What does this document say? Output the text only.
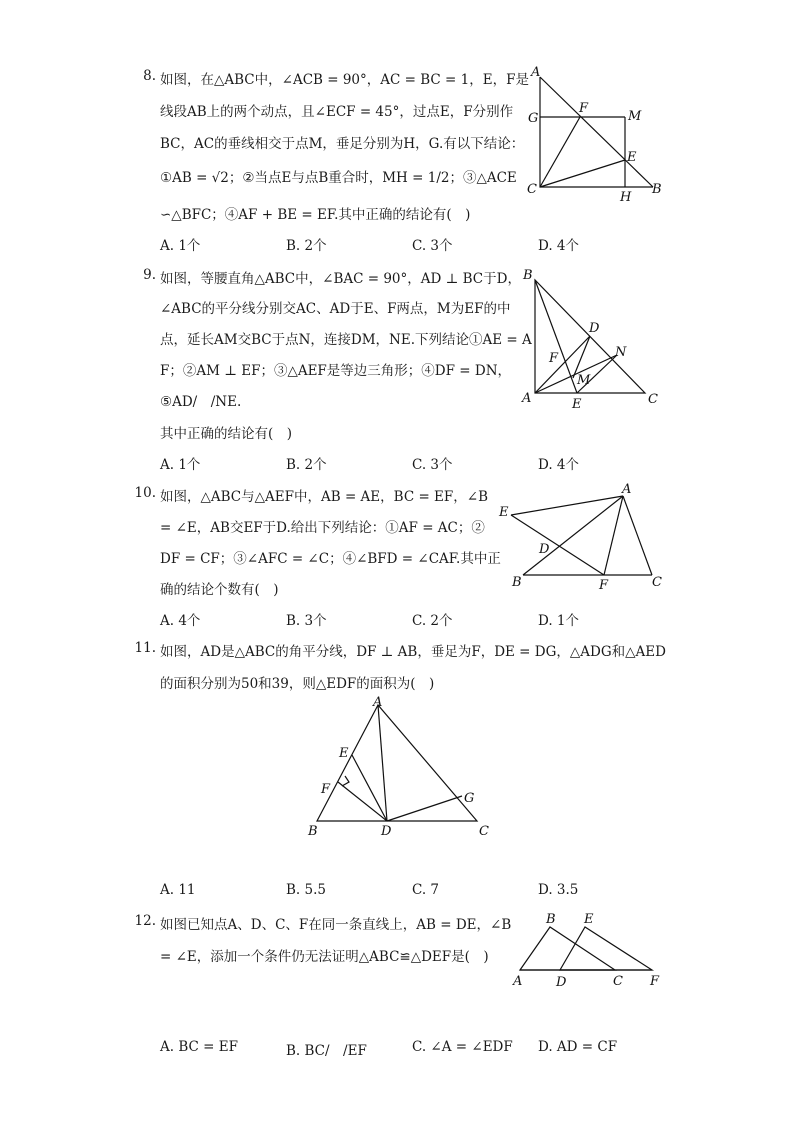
8. 如图，在△ABC中，∠ACB = 90°，AC = BC = 1，E，F是
线段AB上的两个动点，且∠ECF = 45°，过点E，F分别作
BC，AC的垂线相交于点M，垂足分别为H，G.有以下结论：
①AB = √2；②当点E与点B重合时，MH = 1/2；③△ACE
∽△BFC；④AF + BE = EF.其中正确的结论有(　)
A. 1个	B. 2个	C. 3个	D. 4个
A
F
G	M
E
C
H
B
9. 如图，等腰直角△ABC中，∠BAC = 90°，AD ⊥ BC于D，
∠ABC的平分线分别交AC、AD于E、F两点，M为EF的中
点，延长AM交BC于点N，连接DM，NE.下列结论①AE = A
F；②AM ⊥ EF；③△AEF是等边三角形；④DF = DN，
⑤AD/　/NE.
其中正确的结论有(　)
A. 1个	B. 2个	C. 3个	D. 4个
B
D
N
F
M
A	E	C
10. 如图，△ABC与△AEF中，AB = AE，BC = EF，∠B
= ∠E，AB交EF于D.给出下列结论：①AF = AC；②
DF = CF；③∠AFC = ∠C；④∠BFD = ∠CAF.其中正
确的结论个数有(　)
A. 4个	B. 3个	C. 2个	D. 1个
A
E
D
B	F	C
11. 如图，AD是△ABC的角平分线，DF ⊥ AB，垂足为F，DE = DG，△ADG和△AED
的面积分别为50和39，则△EDF的面积为(　)
A
E
F
G
B	D	C
A. 11	B. 5.5	C. 7	D. 3.5
12. 如图已知点A、D、C、F在同一条直线上，AB = DE，∠B
= ∠E，添加一个条件仍无法证明△ABC≌△DEF是(　)
B E
A	D	C F
A. BC = EF	B. BC/　/EF	C. ∠A = ∠EDF D. AD = CF
